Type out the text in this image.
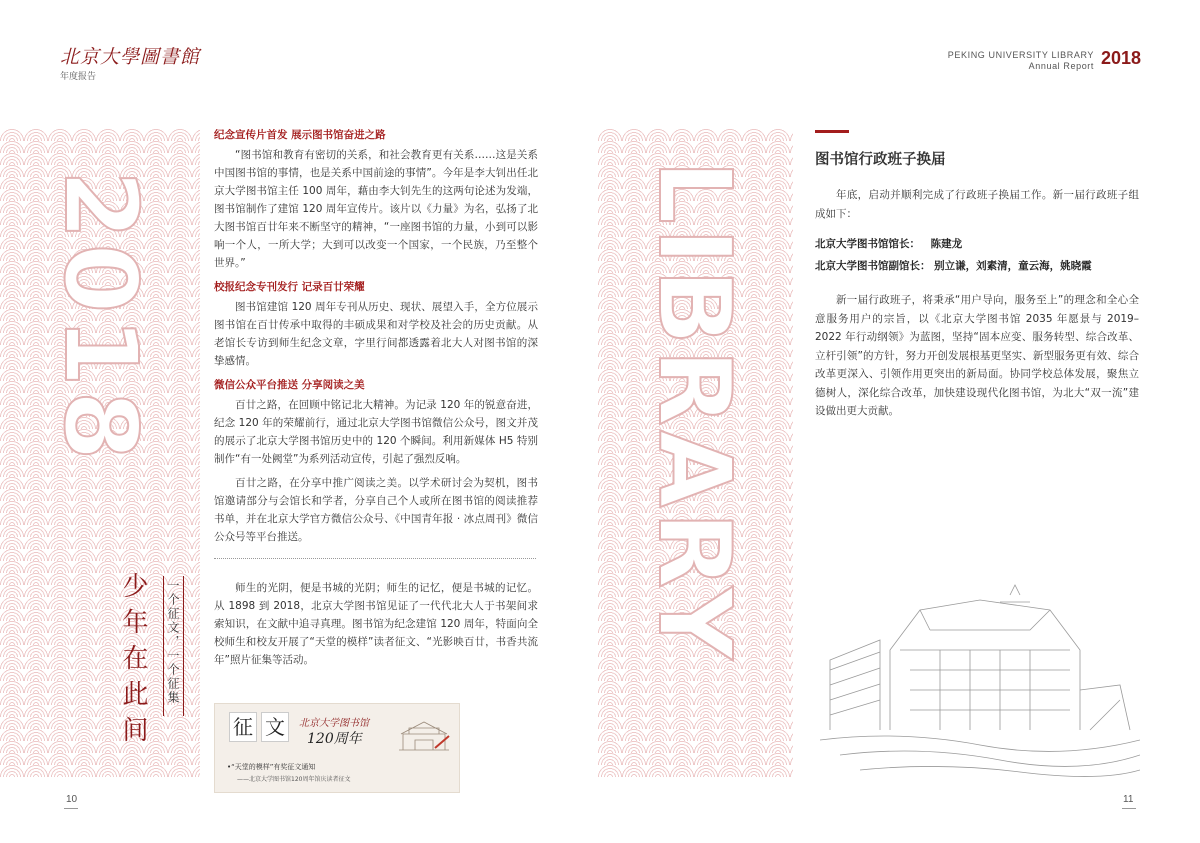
北京大學圖書館
年度报告
PEKING UNIVERSITY LIBRARY
Annual Report 2018
2018	LIBRARY
少年在此间 一个征文，一个征集
纪念宣传片首发 展示图书馆奋进之路

“图书馆和教育有密切的关系，和社会教育更有关系……这是关系中国图书馆的事情，也是关系中国前途的事情”。今年是李大钊出任北京大学图书馆主任 100 周年，藉由李大钊先生的这两句论述为发端，图书馆制作了建馆 120 周年宣传片。该片以《力量》为名，弘扬了北大图书馆百廿年来不断坚守的精神，“一座图书馆的力量，小到可以影响一个人，一所大学；大到可以改变一个国家，一个民族，乃至整个世界。”

校报纪念专刊发行 记录百廿荣耀

图书馆建馆 120 周年专刊从历史、现状、展望入手，全方位展示图书馆在百廿传承中取得的丰硕成果和对学校及社会的历史贡献。从老馆长专访到师生纪念文章，字里行间都透露着北大人对图书馆的深挚感情。

微信公众平台推送 分享阅读之美

百廿之路，在回顾中铭记北大精神。为记录 120 年的锐意奋进，纪念 120 年的荣耀前行，通过北京大学图书馆微信公众号，图文并茂的展示了北京大学图书馆历史中的 120 个瞬间。利用新媒体 H5 特别制作“有一处阙堂”为系列活动宣传，引起了强烈反响。

百廿之路，在分享中推广阅读之美。以学术研讨会为契机，图书馆邀请部分与会馆长和学者，分享自己个人或所在图书馆的阅读推荐书单，并在北京大学官方微信公众号、《中国青年报 · 冰点周刊》微信公众号等平台推送。

师生的光阴，便是书城的光阴；师生的记忆，便是书城的记忆。从 1898 到 2018，北京大学图书馆见证了一代代北大人于书架间求索知识，在文献中追寻真理。图书馆为纪念建馆 120 周年，特面向全校师生和校友开展了“天堂的模样”读者征文、“光影映百廿，书香共流年”照片征集等活动。

征 文	北京大学图书馆
120周年
•“天堂的模样”有奖征文通知
——北京大学图书馆120周年馆庆读者征文
图书馆行政班子换届

年底，启动并顺利完成了行政班子换届工作。新一届行政班子组成如下：

北京大学图书馆馆长： 陈建龙
北京大学图书馆副馆长： 别立谦，刘素清，童云海，姚晓霞

新一届行政班子，将秉承“用户导向，服务至上”的理念和全心全意服务用户的宗旨，以《北京大学图书馆 2035 年愿景与 2019–2022 年行动纲领》为蓝图，坚持“固本应变、服务转型、综合改革、立杆引领”的方针，努力开创发展根基更坚实、新型服务更有效、综合改革更深入、引领作用更突出的新局面。协同学校总体发展，聚焦立德树人，深化综合改革，加快建设现代化图书馆，为北大“双一流”建设做出更大贡献。

10	11
